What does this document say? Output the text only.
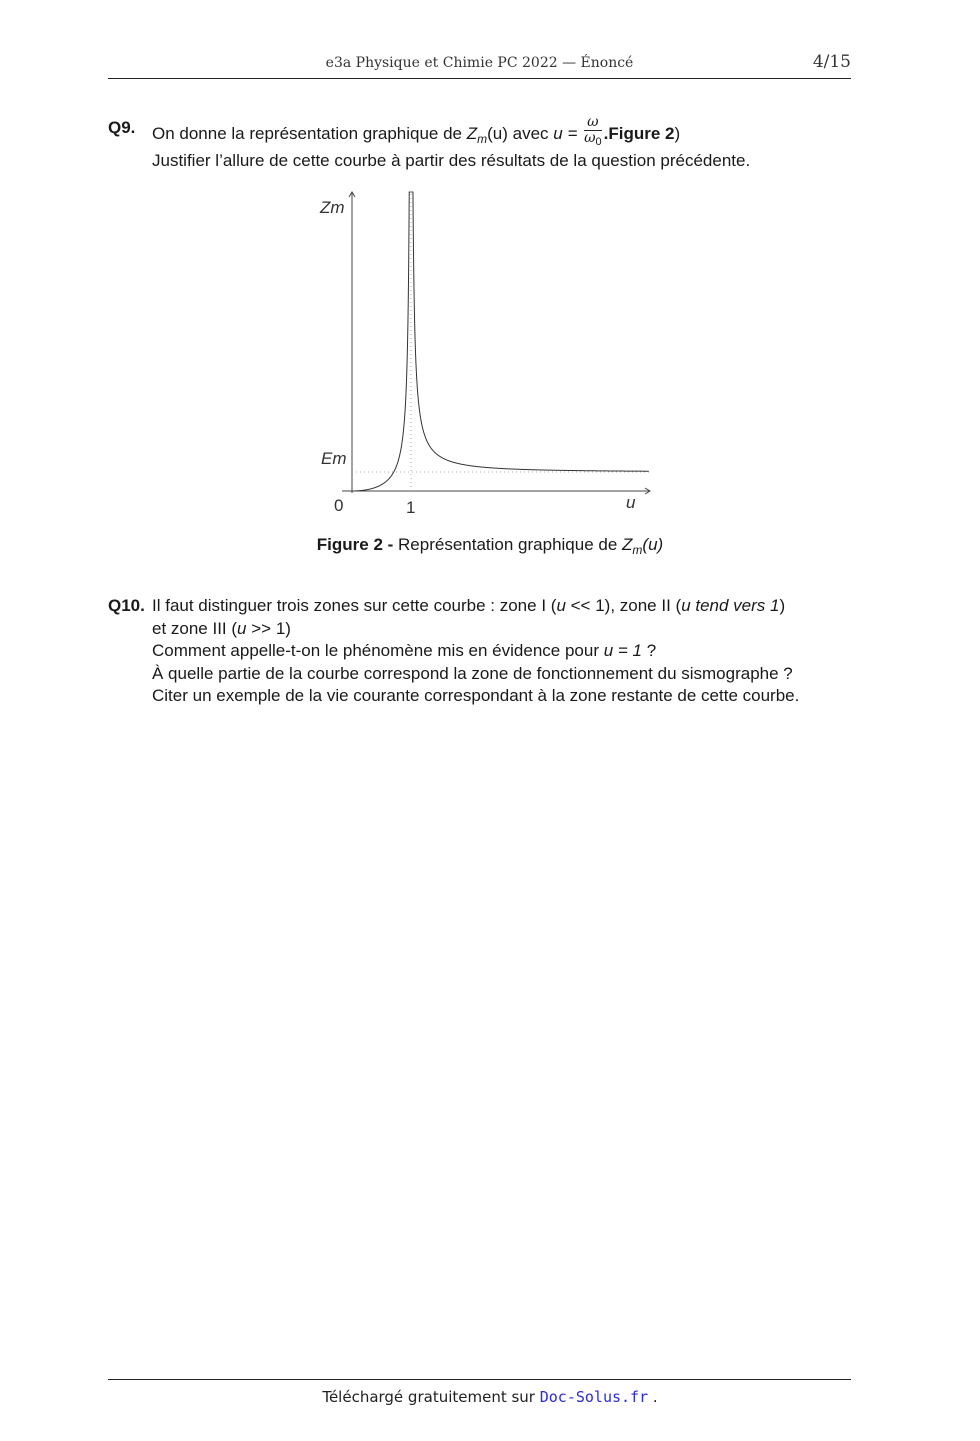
e3a Physique et Chimie PC 2022 — Énoncé	4/15
Q9. On donne la représentation graphique de $Z_m(u)$ avec $u = \frac{\omega}{\omega_0}$ .Figure 2)
Justifier l’allure de cette courbe à partir des résultats de la question précédente.
Zm
Em
0	1	u
Figure 2 - Représentation graphique de $Z_m(u)$
Q10. Il faut distinguer trois zones sur cette courbe : zone I (u << 1), zone II (u tend vers 1)
et zone III (u >> 1)
Comment appelle-t-on le phénomène mis en évidence pour u = 1 ?
À quelle partie de la courbe correspond la zone de fonctionnement du sismographe ?
Citer un exemple de la vie courante correspondant à la zone restante de cette courbe.
Téléchargé gratuitement sur Doc-Solus.fr .
